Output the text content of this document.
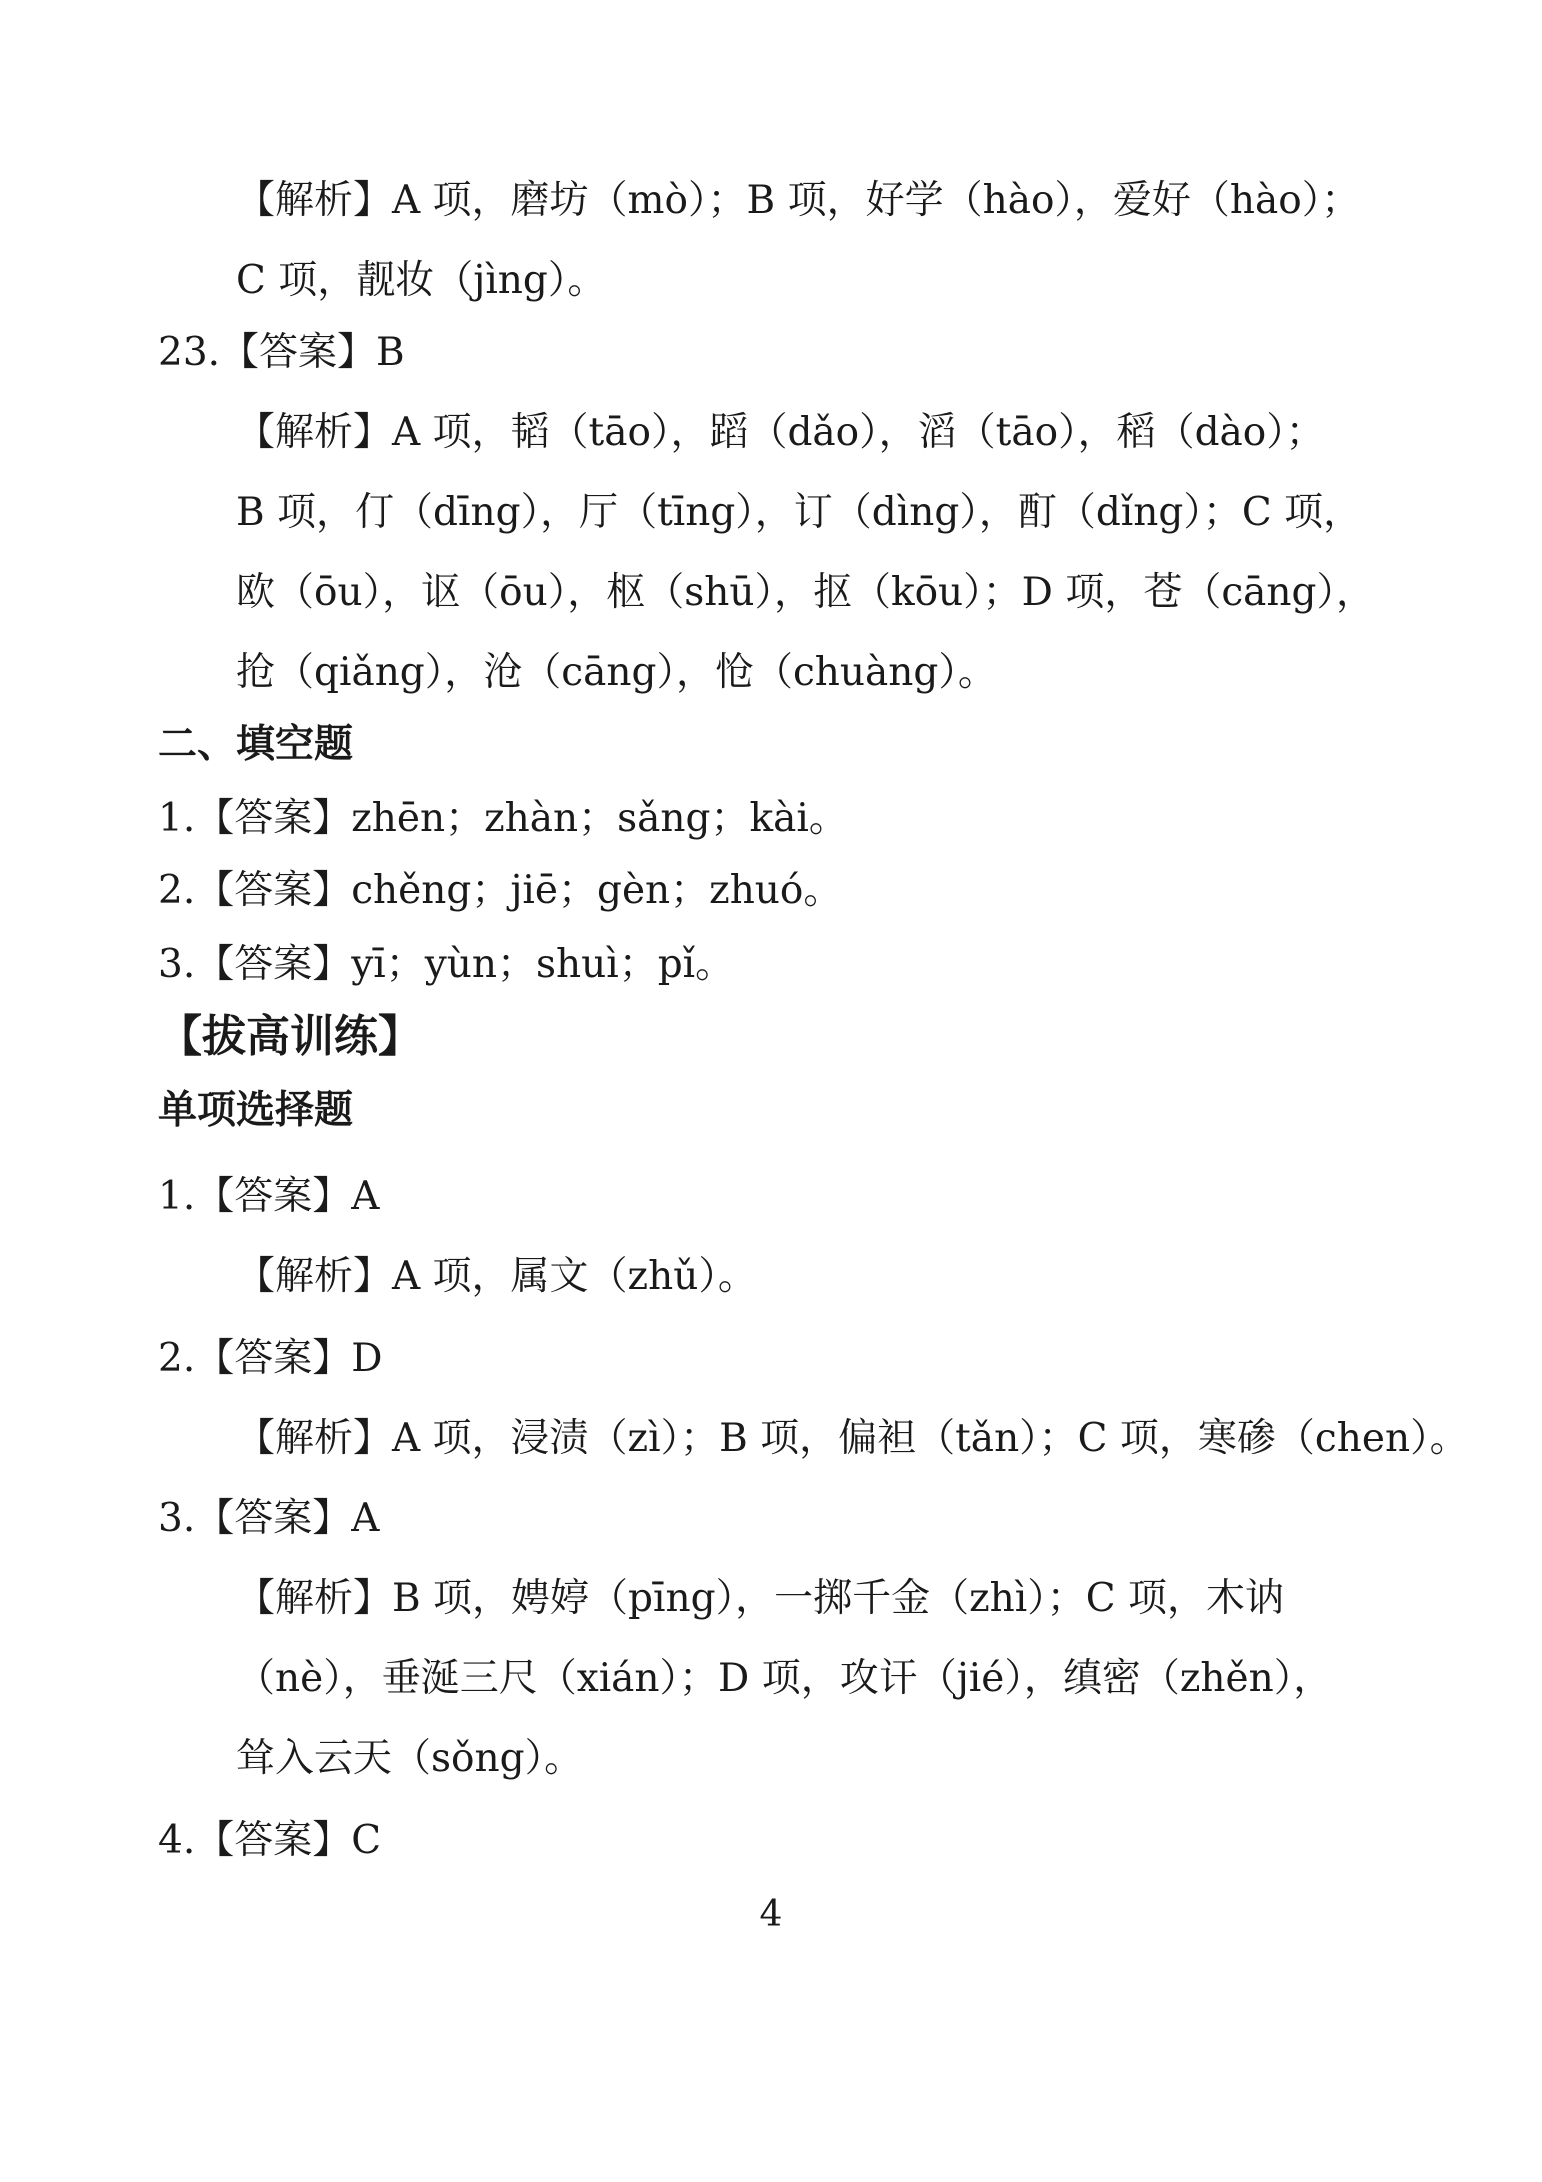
【解析】A 项，磨坊（mò）；B 项，好学（hào），爱好（hào）；
C 项，靓妆（jìng）。
23.【答案】B
【解析】A 项，韬（tāo），蹈（dǎo），滔（tāo），稻（dào）；
B 项，仃（dīng），厅（tīng），订（dìng），酊（dǐng）；C 项，
欧（ōu），讴（ōu），枢（shū），抠（kōu）；D 项，苍（cāng），
抢（qiǎng），沧（cāng），怆（chuàng）。
二、填空题
1.【答案】zhēn；zhàn；sǎng；kài。
2.【答案】chěng；jiē；gèn；zhuó。
3.【答案】yī；yùn；shuì；pǐ。
【拔高训练】
单项选择题
1.【答案】A
【解析】A 项，属文（zhǔ）。
2.【答案】D
【解析】A 项，浸渍（zì）；B 项，偏袒（tǎn）；C 项，寒碜（chen）。
3.【答案】A
【解析】B 项，娉婷（pīng），一掷千金（zhì）；C 项，木讷
（nè），垂涎三尺（xián）；D 项，攻讦（jié），缜密（zhěn），
耸入云天（sǒng）。
4.【答案】C
4
